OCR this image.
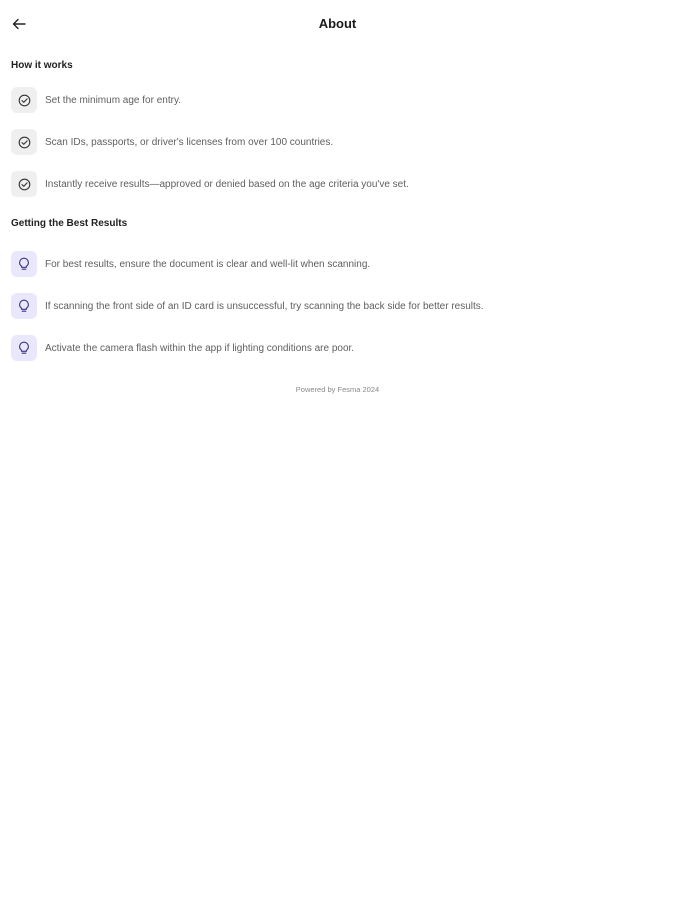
About
How it works
Set the minimum age for entry.
Scan IDs, passports, or driver's licenses from over 100 countries.
Instantly receive results—approved or denied based on the age criteria you've set.
Getting the Best Results
For best results, ensure the document is clear and well-lit when scanning.
If scanning the front side of an ID card is unsuccessful, try scanning the back side for better results.
Activate the camera flash within the app if lighting conditions are poor.
Powered by Fesma 2024
